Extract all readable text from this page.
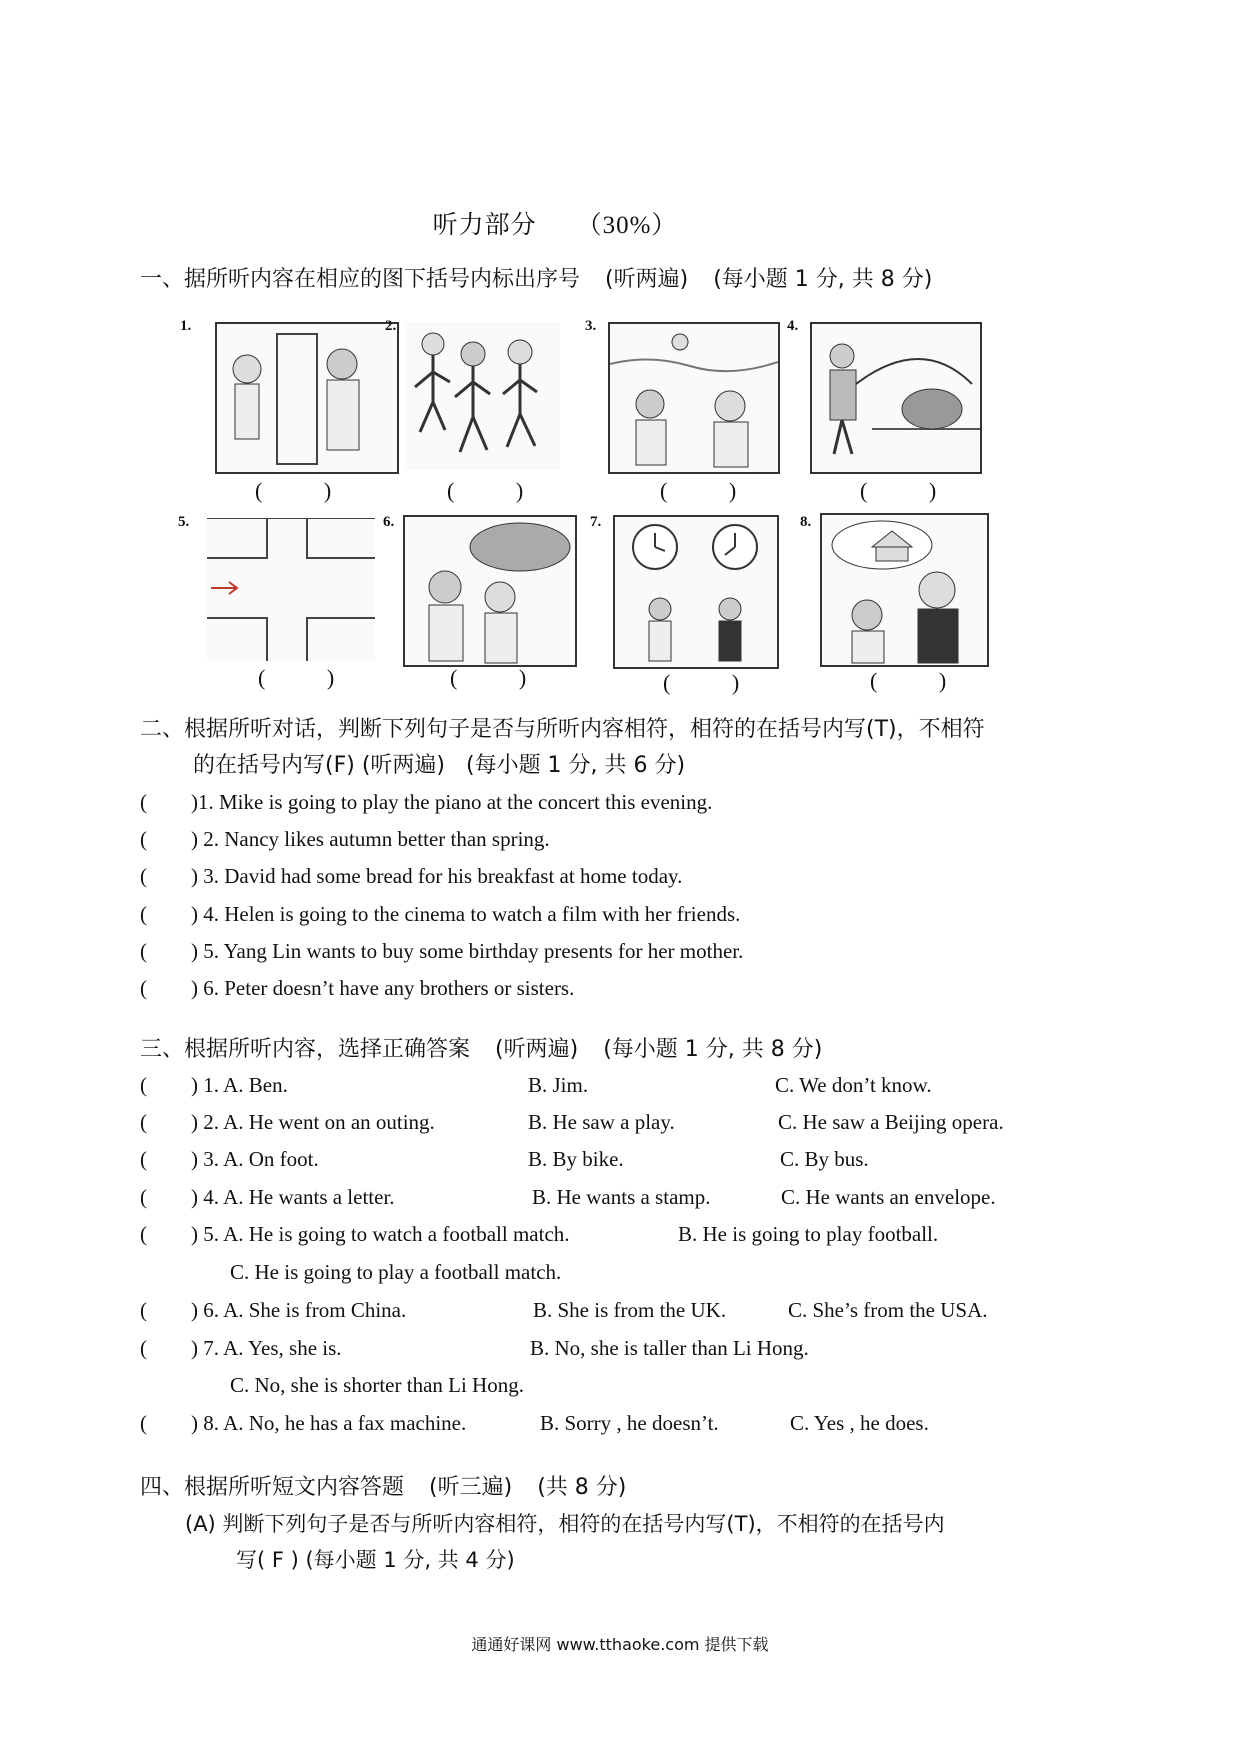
听力部分 （30%）
一、据所听内容在相应的图下括号内标出序号 (听两遍) (每小题 1 分, 共 8 分)
1.
( )
2.
( )
3.
( )
4.
( )
5.
( )
6.
( )
7.
( )
8.
( )
二、根据所听对话，判断下列句子是否与所听内容相符，相符的在括号内写(T)，不相符
的在括号内写(F) (听两遍) (每小题 1 分, 共 6 分)
( )1. Mike is going to play the piano at the concert this evening.
( ) 2. Nancy likes autumn better than spring.
( ) 3. David had some bread for his breakfast at home today.
( ) 4. Helen is going to the cinema to watch a film with her friends.
( ) 5. Yang Lin wants to buy some birthday presents for her mother.
( ) 6. Peter doesn’t have any brothers or sisters.
三、根据所听内容，选择正确答案 (听两遍) (每小题 1 分, 共 8 分)
( ) 1. A. Ben.	B. Jim.	C. We don’t know.
( ) 2. A. He went on an outing.	B. He saw a play.	C. He saw a Beijing opera.
( ) 3. A. On foot.	B. By bike.	C. By bus.
( ) 4. A. He wants a letter.	B. He wants a stamp.	C. He wants an envelope.
( ) 5. A. He is going to watch a football match.	B. He is going to play football.
C. He is going to play a football match.
( ) 6. A. She is from China.	B. She is from the UK.	C. She’s from the USA.
( ) 7. A. Yes, she is.	B. No, she is taller than Li Hong.
C. No, she is shorter than Li Hong.
( ) 8. A. No, he has a fax machine.	B. Sorry , he doesn’t.	C. Yes , he does.
四、根据所听短文内容答题 (听三遍) (共 8 分)
(A) 判断下列句子是否与所听内容相符，相符的在括号内写(T)，不相符的在括号内
写( F ) (每小题 1 分, 共 4 分)
通通好课网 www.tthaoke.com 提供下载
